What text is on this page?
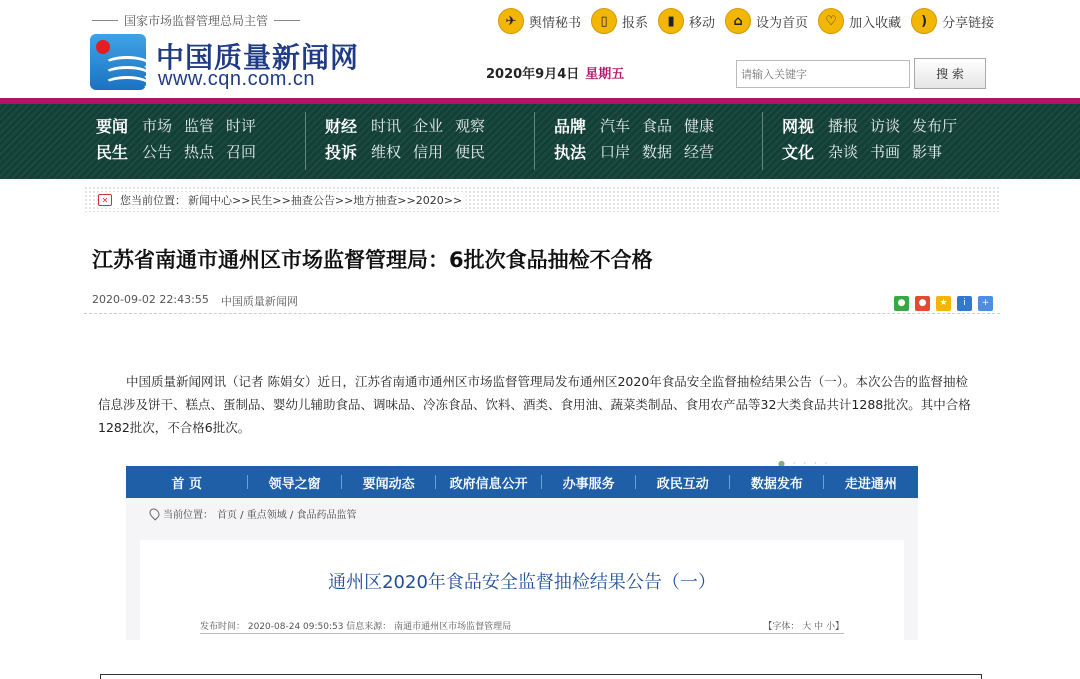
国家市场监督管理总局主管
中国质量新闻网
www.cqn.com.cn
✈ 舆情秘书	▯	报系	▮	移动	⌂	设为首页	♡ 加入收藏	)	分享链接
2020年9月4日 星期五
请输入关键字	搜 索
要闻 市场 监管 时评
民生 公告 热点 召回
财经 时讯 企业 观察
投诉 维权 信用 便民
品牌 汽车 食品 健康
执法 口岸 数据 经营
网视 播报 访谈 发布厅
文化 杂谈 书画 影事
✕	您当前位置： 新闻中心>>民生>>抽查公告>>地方抽查>>2020>>
江苏省南通市通州区市场监督管理局：6批次食品抽检不合格
2020-09-02 22:43:55 中国质量新闻网	●	●	★	i	+

中国质量新闻网讯（记者 陈娟女）近日，江苏省南通市通州区市场监督管理局发布通州区2020年食品安全监督抽检结果公告（一）。本次公告的监督抽检信息涉及饼干、糕点、蛋制品、婴幼儿辅助食品、调味品、冷冻食品、饮料、酒类、食用油、蔬菜类制品、食用农产品等32大类食品共计1288批次。其中合格1282批次，不合格6批次。

●　·　·　·　·
首 页	领导之窗	要闻动态	政府信息公开	办事服务	政民互动	数据发布	走进通州
当前位置： 首页 / 重点领域 / 食品药品监管
通州区2020年食品安全监督抽检结果公告（一）
发布时间： 2020-08-24 09:50:53 信息来源： 南通市通州区市场监督管理局	【字体： 大 中 小】
